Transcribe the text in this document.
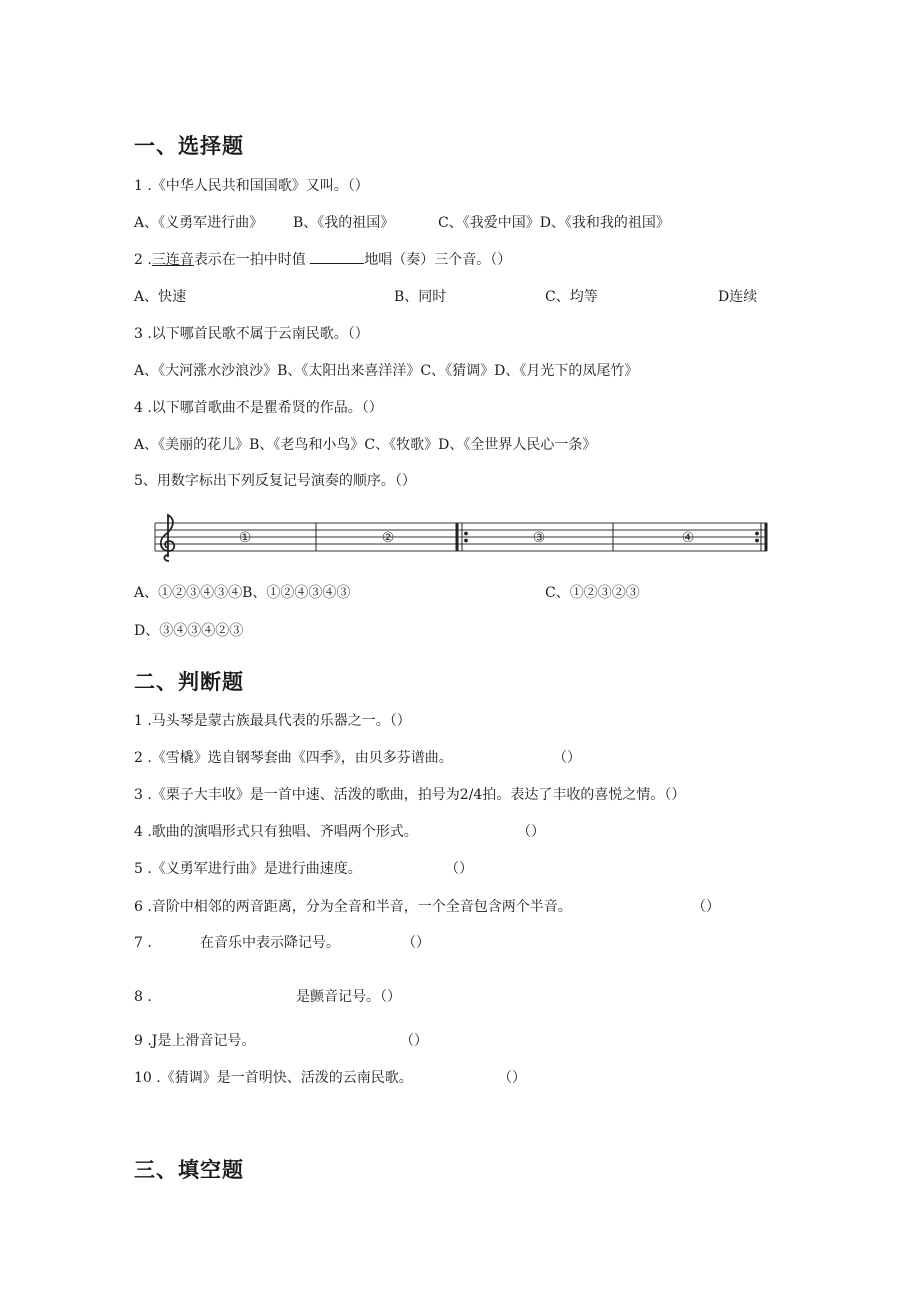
一、选择题
1 .《中华人民共和国国歌》又叫。（）
A、《义勇军进行曲》 B、《我的祖国》	C、《我爱中国》D、《我和我的祖国》
2 .三连音表示在一拍中时值	地唱（奏）三个音。（）
A、快速	B、同时	C、均等	D连续
3 .以下哪首民歌不属于云南民歌。（）
A、《大河涨水沙浪沙》B、《太阳出来喜洋洋》C、《猜调》D、《月光下的凤尾竹》
4 .以下哪首歌曲不是瞿希贤的作品。（）
A、《美丽的花儿》B、《老鸟和小鸟》C、《牧歌》D、《全世界人民心一条》
5、用数字标出下列反复记号演奏的顺序。（）
①	②	③	④
A、①②③④③④B、①②④③④③	C、①②③②③
D、③④③④②③
二、判断题
1 .马头琴是蒙古族最具代表的乐器之一。（）
2 .《雪橇》选自钢琴套曲《四季》，由贝多芬谱曲。	（）
3 .《栗子大丰收》是一首中速、活泼的歌曲，拍号为2/4拍。表达了丰收的喜悦之情。（）
4 .歌曲的演唱形式只有独唱、齐唱两个形式。	（）
5 .《义勇军进行曲》是进行曲速度。	（）
6 .音阶中相邻的两音距离，分为全音和半音，一个全音包含两个半音。	（）
7 .	在音乐中表示降记号。	（）
8 .	是颤音记号。（）
9 .J是上滑音记号。	（）
10 .《猜调》是一首明快、活泼的云南民歌。	（）
三、填空题
